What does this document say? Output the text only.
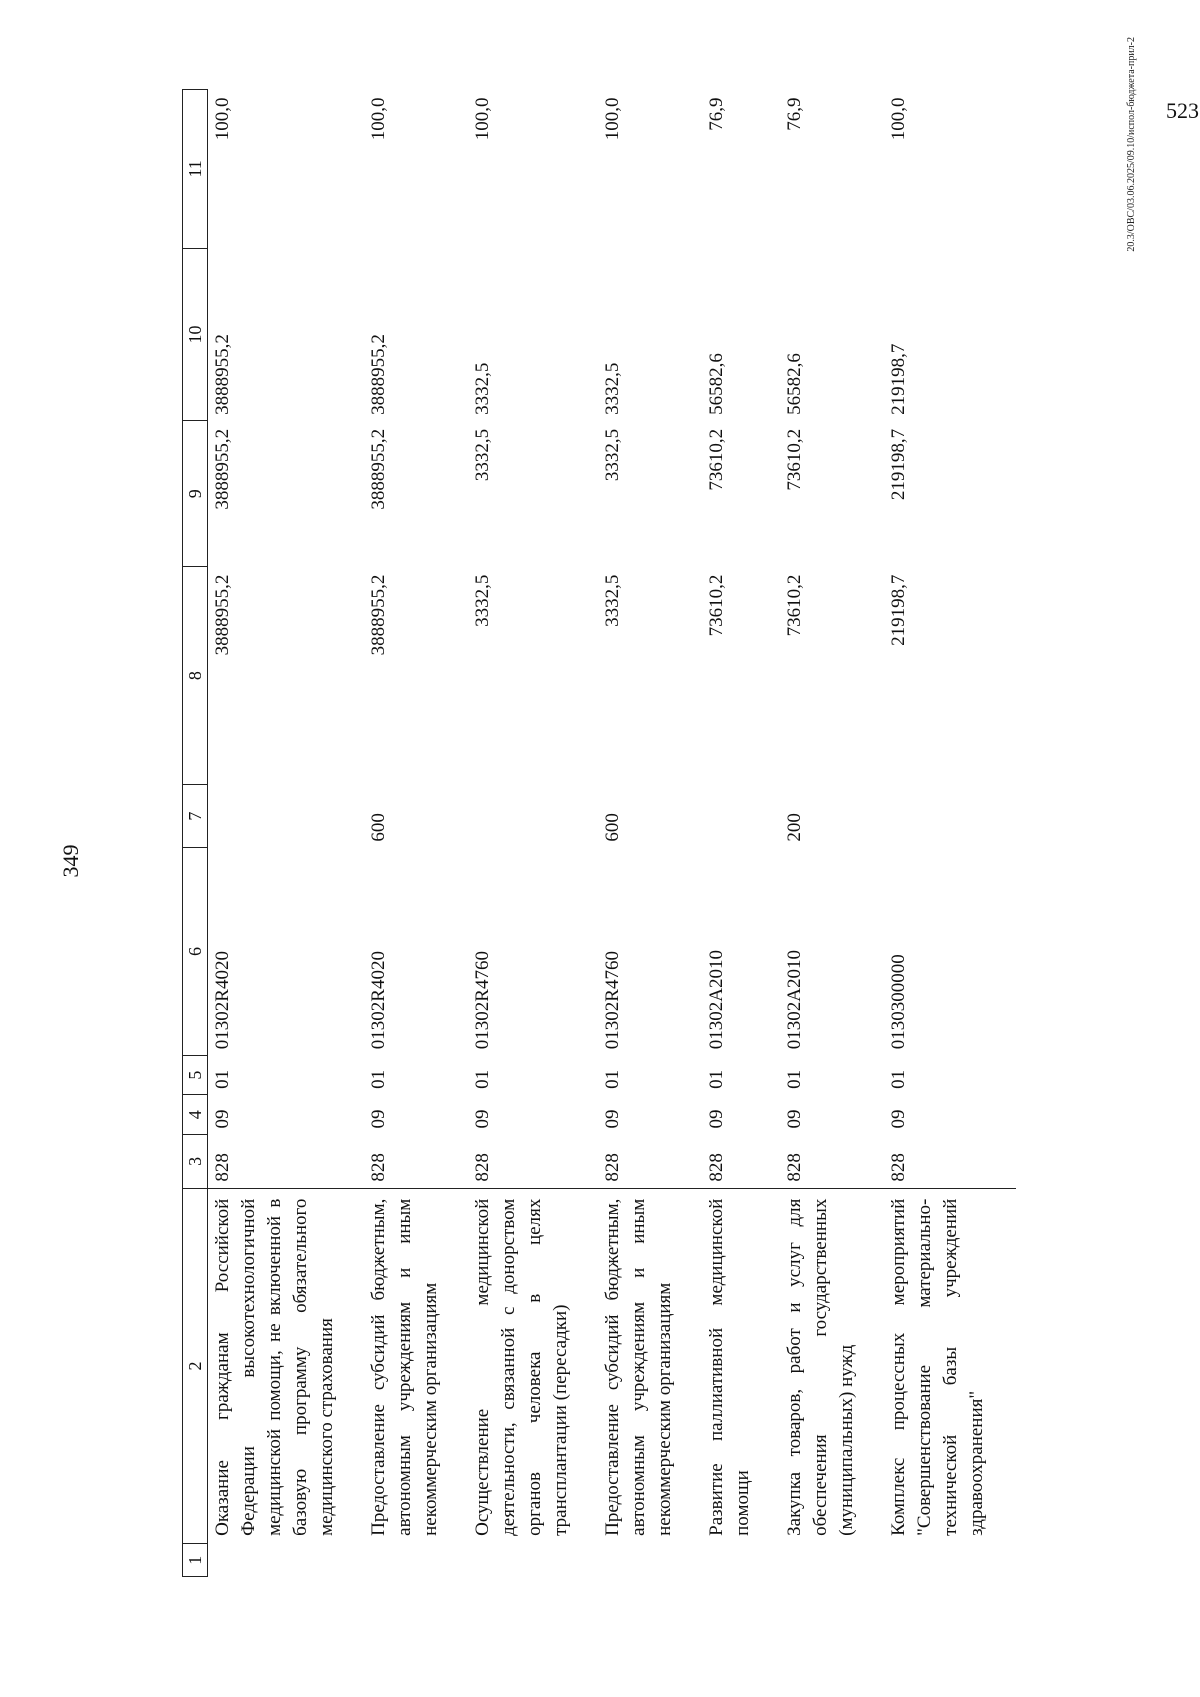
349
1	2	3	4	5	6	7	8	9	10	11
	Оказание гражданам Российской Федерации высокотехнологичной медицинской помощи, не включенной в базовую программу обязательного медицинского страхования	828	09	01	01302R4020		3888955,2	3888955,2	3888955,2	100,0
	Предоставление субсидий бюджетным, автономным учреждениям и иным некоммерческим организациям	828	09	01	01302R4020	600	3888955,2	3888955,2	3888955,2	100,0
	Осуществление медицинской деятельности, связанной с донорством органов человека в целях трансплантации (пересадки)	828	09	01	01302R4760		3332,5	3332,5	3332,5	100,0
	Предоставление субсидий бюджетным, автономным учреждениям и иным некоммерческим организациям	828	09	01	01302R4760	600	3332,5	3332,5	3332,5	100,0
	Развитие паллиативной медицинской помощи	828	09	01	01302A2010		73610,2	73610,2	56582,6	76,9
	Закупка товаров, работ и услуг для обеспечения государственных (муниципальных) нужд	828	09	01	01302A2010	200	73610,2	73610,2	56582,6	76,9
	Комплекс процессных мероприятий "Совершенствование материально-технической базы учреждений здравоохранения"	828	09	01	0130300000		219198,7	219198,7	219198,7	100,0	20.3/ОВС/03.06.2025/09.10/испол-бюджета-прил-2	523
